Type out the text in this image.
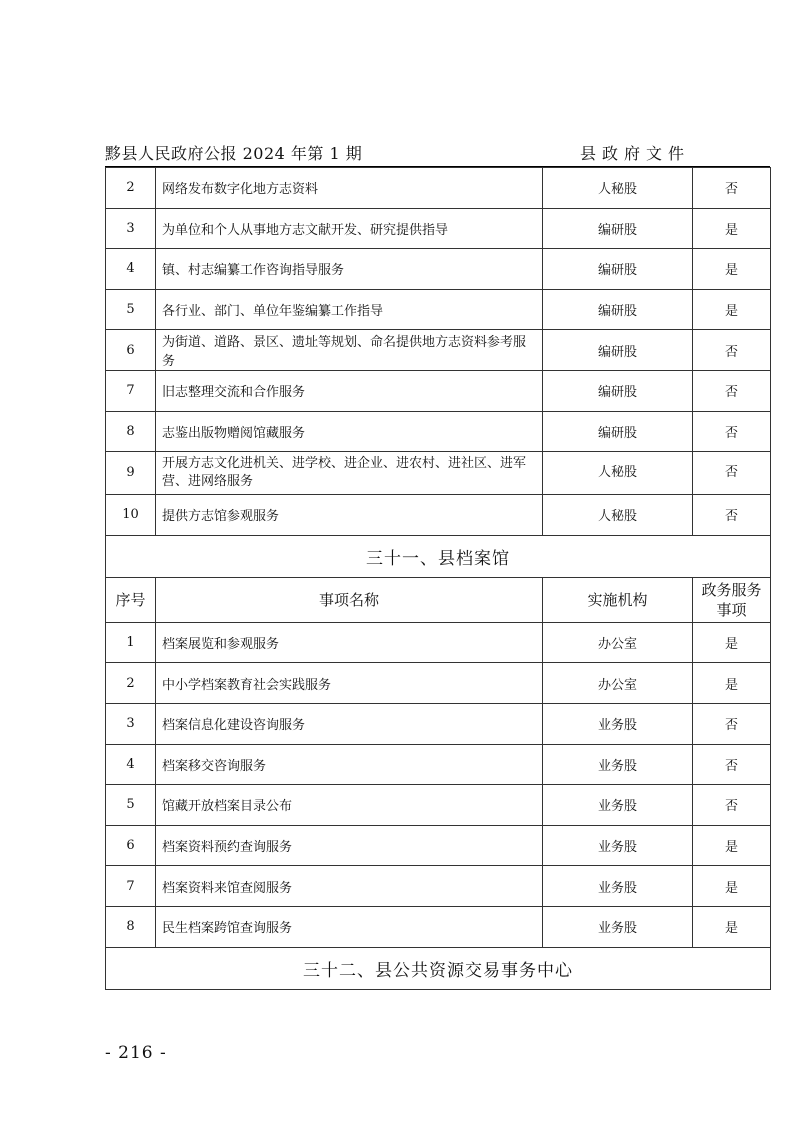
黟县人民政府公报 2024 年第 1 期	县政府文件
2	网络发布数字化地方志资料	人秘股	否
3	为单位和个人从事地方志文献开发、研究提供指导	编研股	是
4	镇、村志编纂工作咨询指导服务	编研股	是
5	各行业、部门、单位年鉴编纂工作指导	编研股	是
6	为街道、道路、景区、遗址等规划、命名提供地方志资料参考服务	编研股	否
7	旧志整理交流和合作服务	编研股	否
8	志鉴出版物赠阅馆藏服务	编研股	否
9	开展方志文化进机关、进学校、进企业、进农村、进社区、进军营、进网络服务	人秘股	否
10	提供方志馆参观服务	人秘股	否
三十一、县档案馆			
序号	事项名称	实施机构	政务服务事项
1	档案展览和参观服务	办公室	是
2	中小学档案教育社会实践服务	办公室	是
3	档案信息化建设咨询服务	业务股	否
4	档案移交咨询服务	业务股	否
5	馆藏开放档案目录公布	业务股	否
6	档案资料预约查询服务	业务股	是
7	档案资料来馆查阅服务	业务股	是
8	民生档案跨馆查询服务	业务股	是
三十二、县公共资源交易事务中心			
- 216 -
